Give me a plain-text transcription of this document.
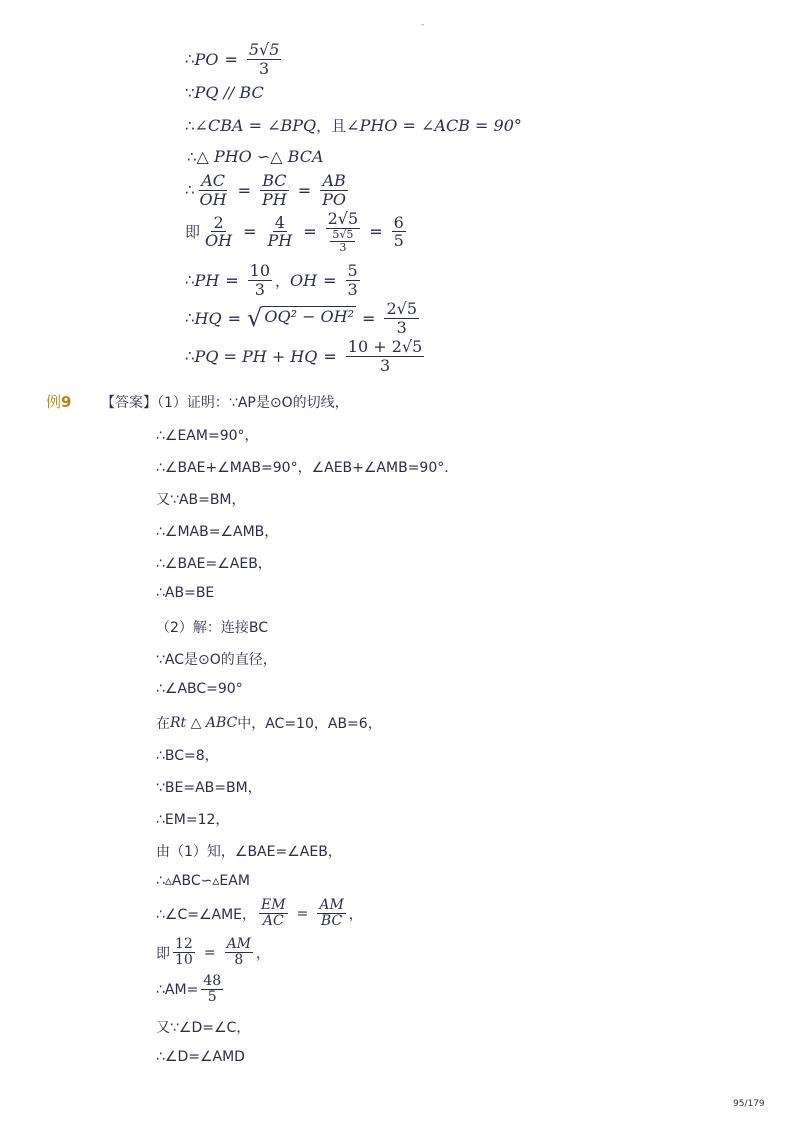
-
∴ PO = $\frac{5√5}{3}$
∵ PQ // BC
∴ ∠CBA = ∠BPQ ，且 ∠PHO = ∠ACB = 90°
∴ △ PHO ∽△ BCA
∴ $\frac{AC}{OH} = \frac{BC}{PH} = \frac{AB}{PO}$
即 $\frac{2}{OH} = \frac{4}{PH} = \frac{2√5}{\frac{5√5}{3}} = \frac{6}{5}$
∴ PH = $\frac{10}{3}$ ， OH = $\frac{5}{3}$
∴ HQ = √ $OQ^2 - OH^2 = \frac{2√5}{3}$
∴ PQ = PH + HQ = $\frac{10 + 2√5}{3}$
例9 【答案】（1）证明：∵AP是⊙O的切线，
∴∠EAM=90°，
∴∠BAE+∠MAB=90°，∠AEB+∠AMB=90°．
又∵AB=BM，
∴∠MAB=∠AMB，
∴∠BAE=∠AEB，
∴AB=BE
（2）解：连接BC
∵AC是⊙O的直径，
∴∠ABC=90°
在 Rt △ ABC 中，AC=10，AB=6，
∴BC=8，
∵BE=AB=BM，
∴EM=12，
由（1）知，∠BAE=∠AEB，
∴▵ABC∽▵EAM
∴∠C=∠AME， $\frac{EM}{AC} = \frac{AM}{BC}$ ，
即 $\frac{12}{10} = \frac{AM}{8}$ ，
∴AM= $\frac{48}{5}$
又∵∠D=∠C，
∴∠D=∠AMD
95/179
